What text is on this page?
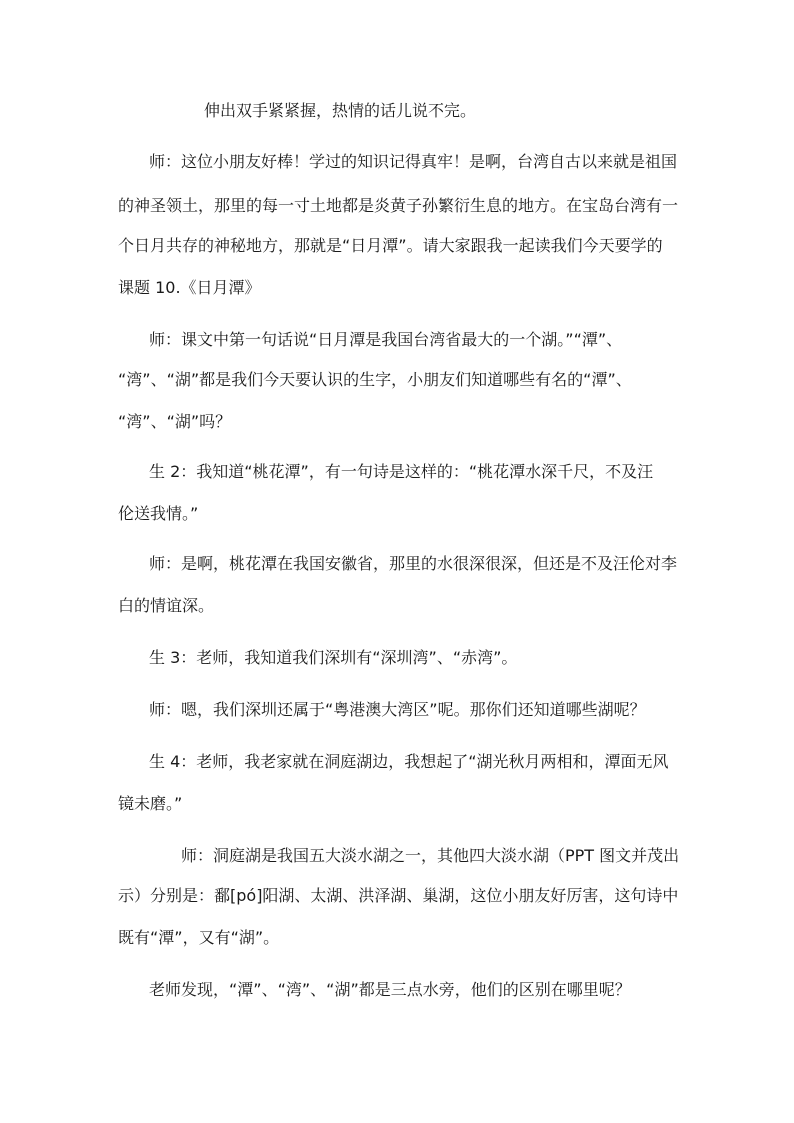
伸出双手紧紧握，热情的话儿说不完。
师：这位小朋友好棒！学过的知识记得真牢！是啊，台湾自古以来就是祖国
的神圣领土，那里的每一寸土地都是炎黄子孙繁衍生息的地方。在宝岛台湾有一
个日月共存的神秘地方，那就是“日月潭”。请大家跟我一起读我们今天要学的
课题 10.《日月潭》
师：课文中第一句话说“日月潭是我国台湾省最大的一个湖。”“潭”、
“湾”、“湖”都是我们今天要认识的生字，小朋友们知道哪些有名的“潭”、
“湾”、“湖”吗？
生 2：我知道“桃花潭”，有一句诗是这样的：“桃花潭水深千尺，不及汪
伦送我情。”
师：是啊，桃花潭在我国安徽省，那里的水很深很深，但还是不及汪伦对李
白的情谊深。
生 3：老师，我知道我们深圳有“深圳湾”、“赤湾”。
师：嗯，我们深圳还属于“粤港澳大湾区”呢。那你们还知道哪些湖呢？
生 4：老师，我老家就在洞庭湖边，我想起了“湖光秋月两相和，潭面无风
镜未磨。”
师：洞庭湖是我国五大淡水湖之一，其他四大淡水湖（PPT 图文并茂出
示）分别是：鄱[pó]阳湖、太湖、洪泽湖、巢湖，这位小朋友好厉害，这句诗中
既有“潭”，又有“湖”。
老师发现，“潭”、“湾”、“湖”都是三点水旁，他们的区别在哪里呢？
